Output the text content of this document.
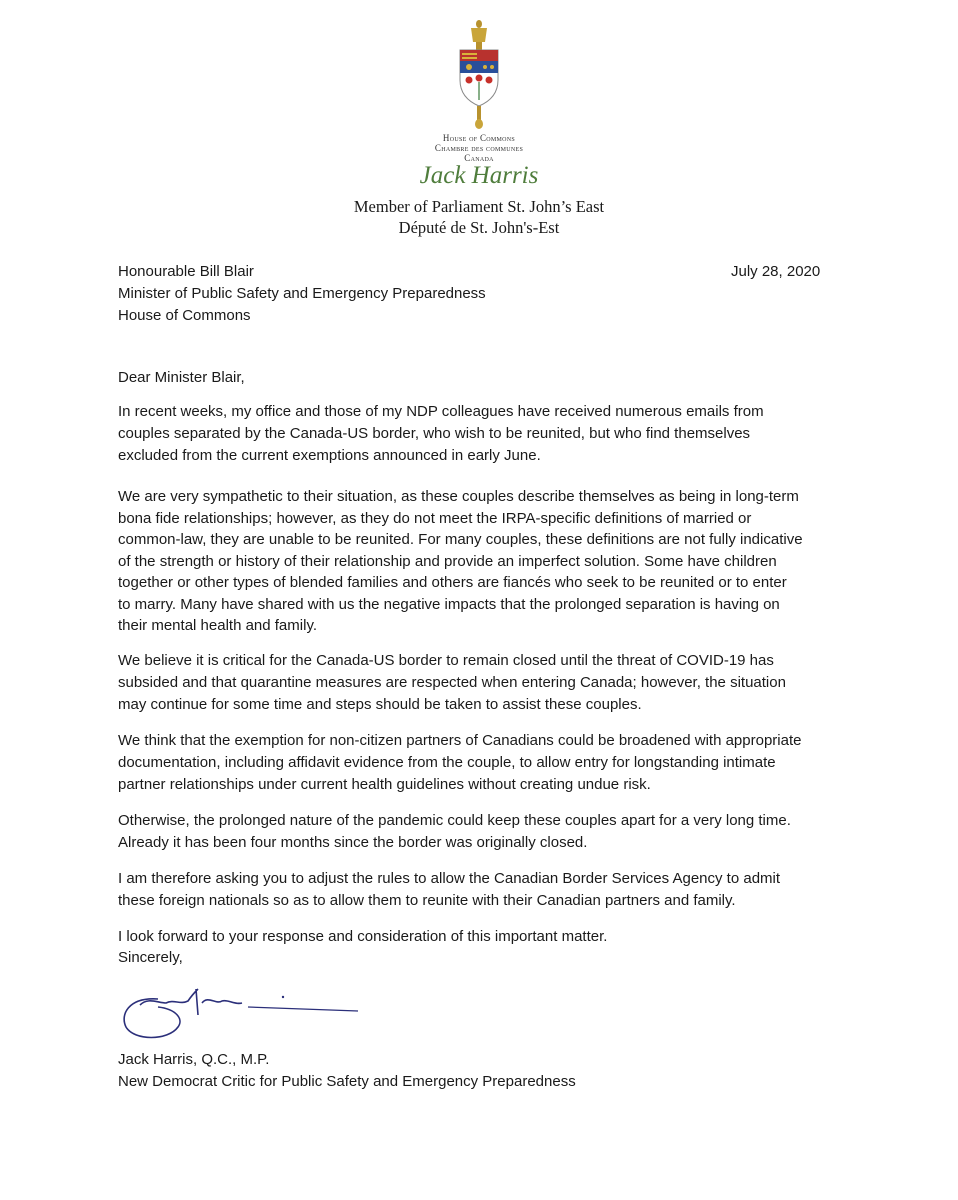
House of Commons
Chambre des communes
Canada
Jack Harris
Member of Parliament St. John’s East
Député de St. John's-Est
Honourable Bill Blair
Minister of Public Safety and Emergency Preparedness
House of Commons
July 28, 2020
Dear Minister Blair,
In recent weeks, my office and those of my NDP colleagues have received numerous emails from
couples separated by the Canada-US border, who wish to be reunited, but who find themselves
excluded from the current exemptions announced in early June.
We are very sympathetic to their situation, as these couples describe themselves as being in long-term
bona fide relationships; however, as they do not meet the IRPA-specific definitions of married or
common-law, they are unable to be reunited. For many couples, these definitions are not fully indicative
of the strength or history of their relationship and provide an imperfect solution. Some have children
together or other types of blended families and others are fiancés who seek to be reunited or to enter
to marry. Many have shared with us the negative impacts that the prolonged separation is having on
their mental health and family.
We believe it is critical for the Canada-US border to remain closed until the threat of COVID-19 has
subsided and that quarantine measures are respected when entering Canada; however, the situation
may continue for some time and steps should be taken to assist these couples.
We think that the exemption for non-citizen partners of Canadians could be broadened with appropriate
documentation, including affidavit evidence from the couple, to allow entry for longstanding intimate
partner relationships under current health guidelines without creating undue risk.
Otherwise, the prolonged nature of the pandemic could keep these couples apart for a very long time.
Already it has been four months since the border was originally closed.
I am therefore asking you to adjust the rules to allow the Canadian Border Services Agency to admit
these foreign nationals so as to allow them to reunite with their Canadian partners and family.
I look forward to your response and consideration of this important matter.
Sincerely,
Jack Harris, Q.C., M.P.
New Democrat Critic for Public Safety and Emergency Preparedness
